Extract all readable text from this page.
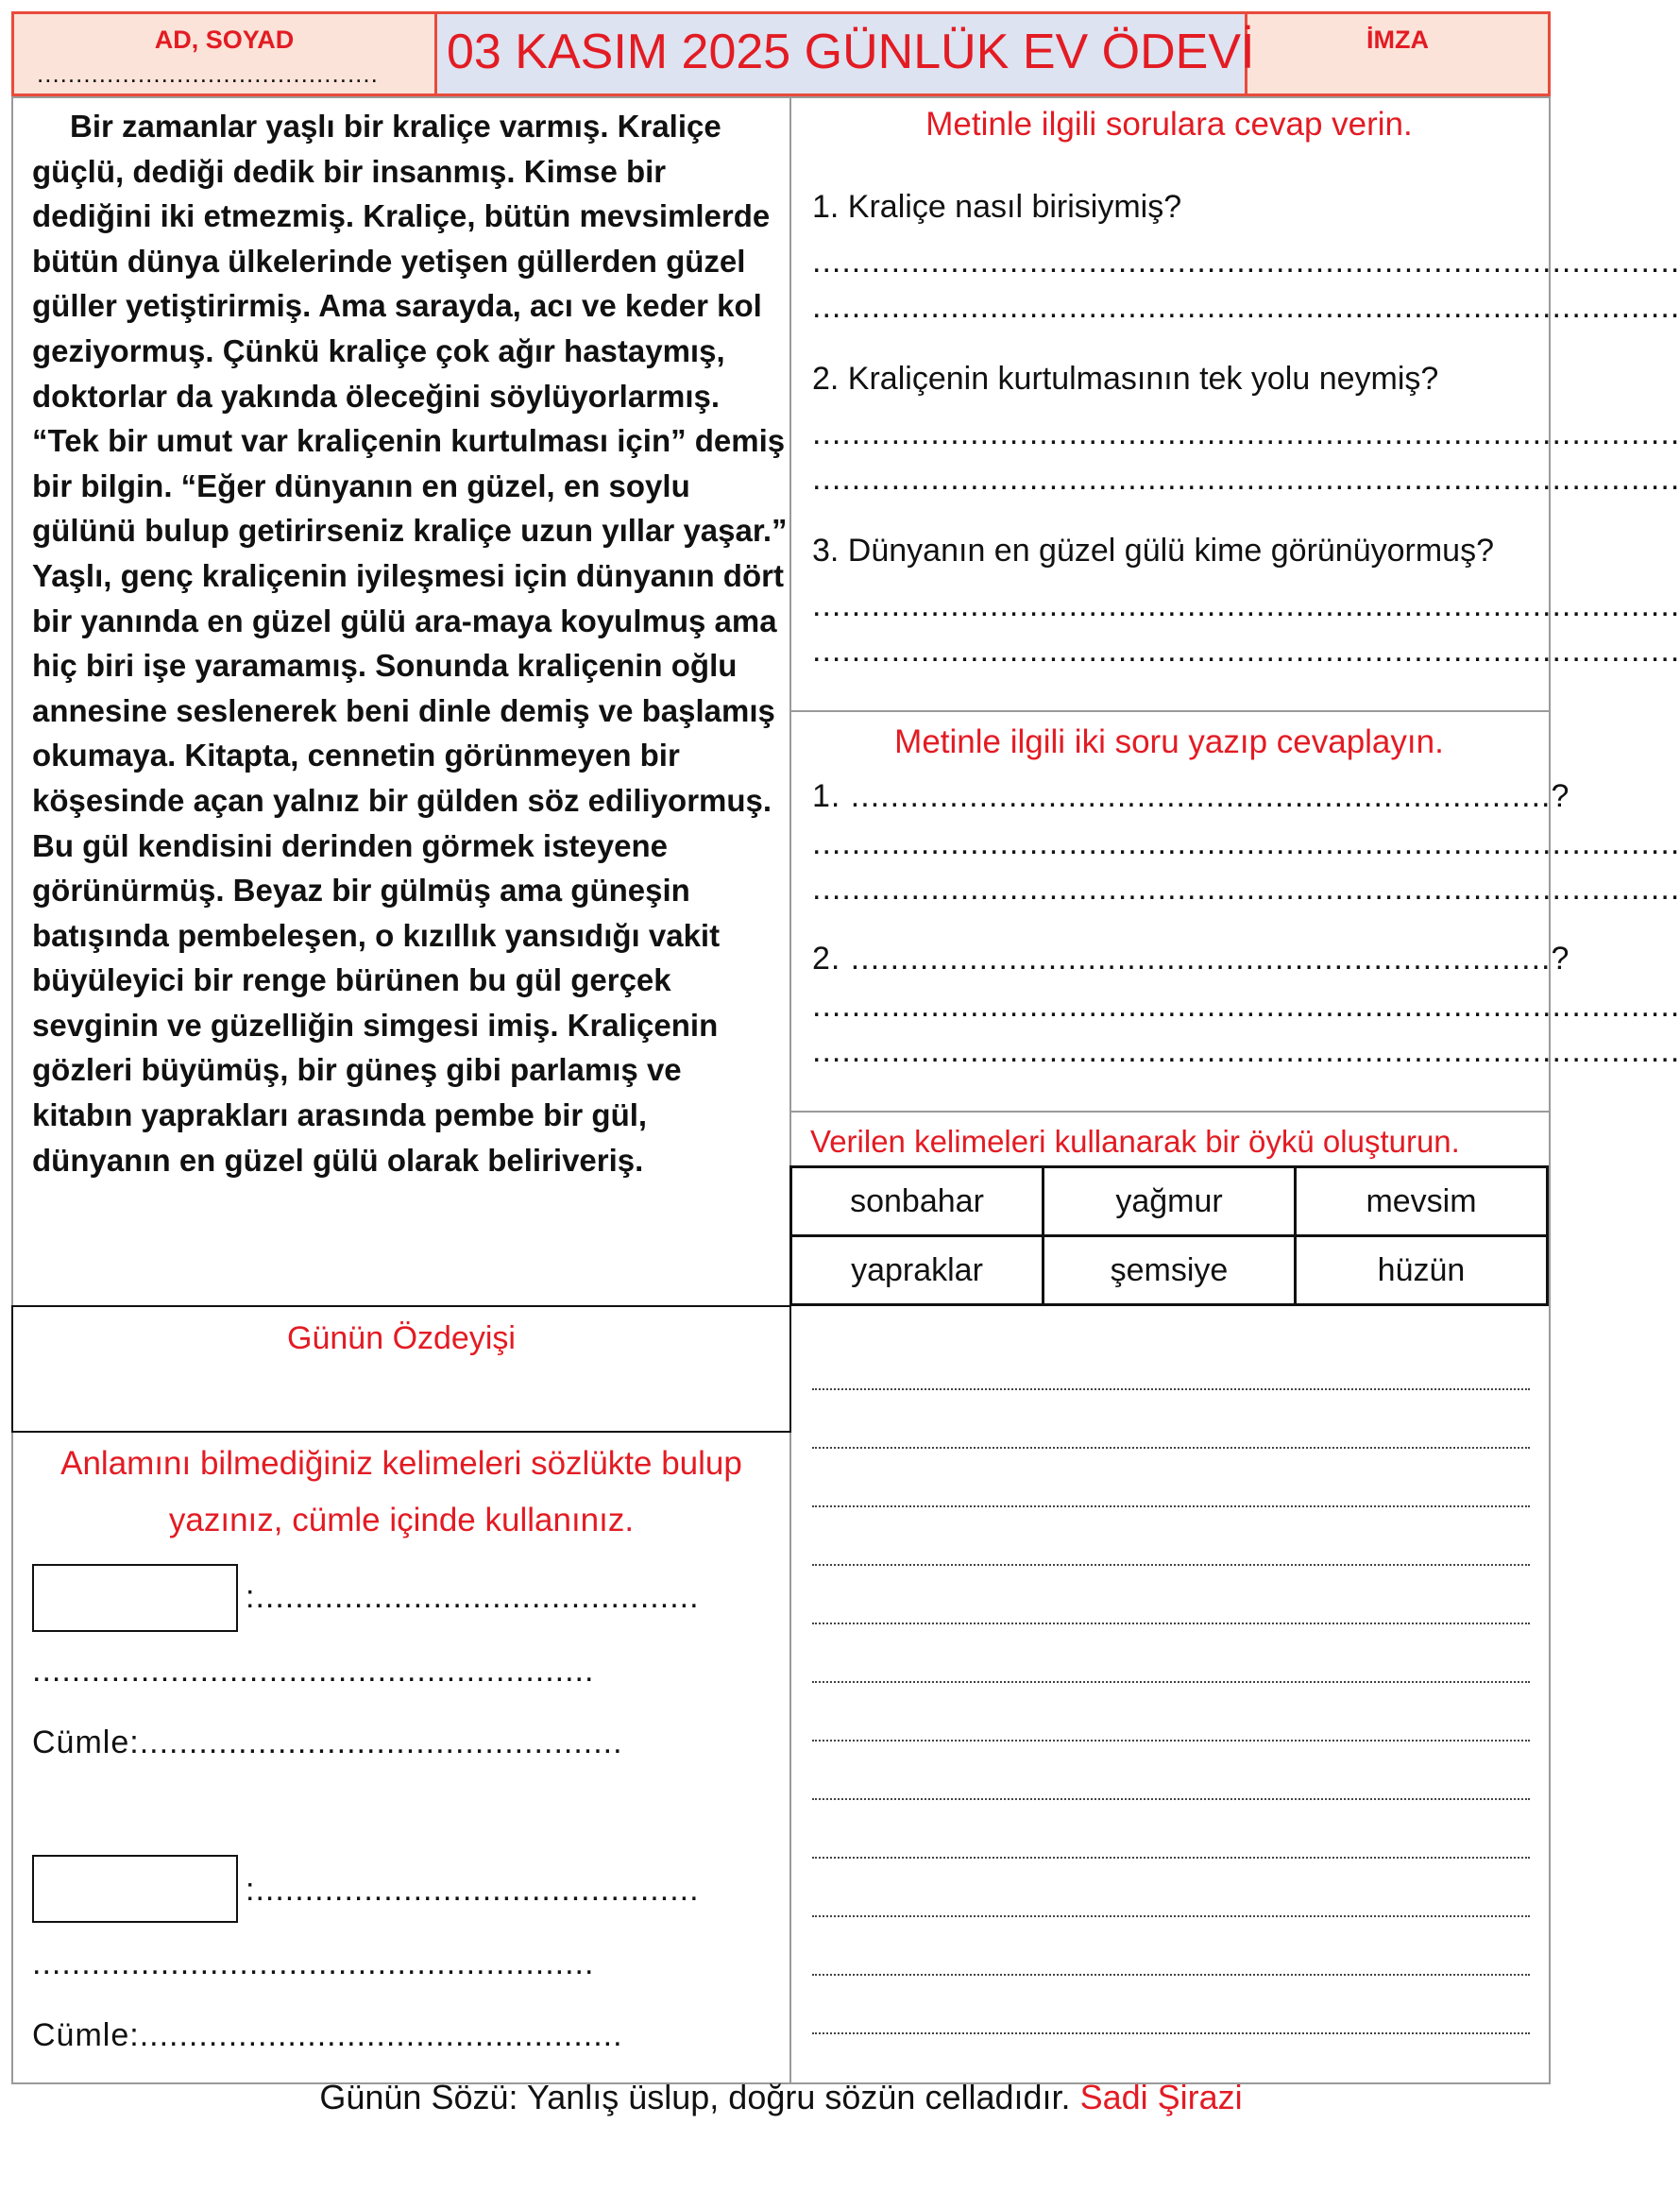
AD, SOYAD
............................................ 03 KASIM 2025 GÜNLÜK EV ÖDEVİ	İMZA
Bir zamanlar yaşlı bir kraliçe varmış. Kraliçe güçlü, dediği dedik bir insanmış. Kimse bir dediğini iki etmezmiş. Kraliçe, bütün mevsimlerde bütün dünya ülkelerinde yetişen güllerden güzel güller yetiştirirmiş. Ama sarayda, acı ve keder kol geziyormuş. Çünkü kraliçe çok ağır hastaymış, doktorlar da yakında öleceğini söylüyorlarmış. “Tek bir umut var kraliçenin kurtulması için” demiş bir bilgin. “Eğer dünyanın en güzel, en soylu gülünü bulup getirirseniz kraliçe uzun yıllar yaşar.” Yaşlı, genç kraliçenin iyileşmesi için dünyanın dört bir yanında en güzel gülü ara-maya koyulmuş ama hiç biri işe yaramamış. Sonunda kraliçenin oğlu annesine seslenerek beni dinle demiş ve başlamış okumaya. Kitapta, cennetin görünmeyen bir köşesinde açan yalnız bir gülden söz ediliyormuş. Bu gül kendisini derinden görmek isteyene görünürmüş. Beyaz bir gülmüş ama güneşin batışında pembeleşen, o kızıllık yansıdığı vakit büyüleyici bir renge bürünen bu gül gerçek sevginin ve güzelliğin simgesi imiş. Kraliçenin gözleri büyümüş, bir güneş gibi parlamış ve kitabın yaprakları arasında pembe bir gül, dünyanın en güzel gülü olarak beliriveriş.
Metinle ilgili sorulara cevap verin.
1. Kraliçe nasıl birisiymiş?
........................................................................................
........................................................................................
2. Kraliçenin kurtulmasının tek yolu neymiş?
........................................................................................
........................................................................................
3. Dünyanın en güzel gülü kime görünüyormuş?
........................................................................................
........................................................................................
Metinle ilgili iki soru yazıp cevaplayın.
1. .......................................................................?
........................................................................................
........................................................................................
2. .......................................................................?
........................................................................................
........................................................................................
Verilen kelimeleri kullanarak bir öykü oluşturun.
sonbahar	yağmur	mevsim
yapraklar	şemsiye	hüzün
Günün Özdeyişi
Anlamını bilmediğiniz kelimeleri sözlükte bulup
yazınız, cümle içinde kullanınız.
:.............................................
.........................................................
Cümle:.................................................
:.............................................
.........................................................
Cümle:.................................................
Günün Sözü: Yanlış üslup, doğru sözün celladıdır. Sadi Şirazi
